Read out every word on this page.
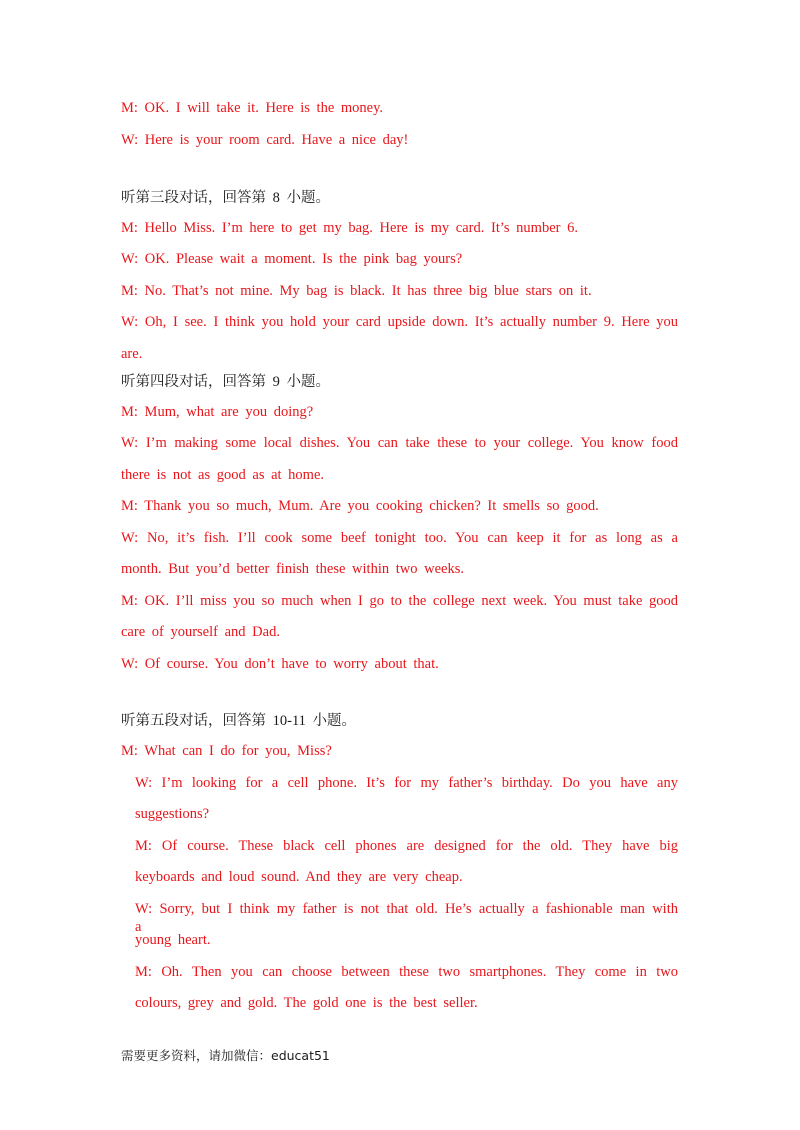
M: OK. I will take it. Here is the money.
W: Here is your room card. Have a nice day!
听第三段对话，回答第 8 小题。
M: Hello Miss. I’m here to get my bag. Here is my card. It’s number 6.
W: OK. Please wait a moment. Is the pink bag yours?
M: No. That’s not mine. My bag is black. It has three big blue stars on it.
W: Oh, I see. I think you hold your card upside down. It’s actually number 9. Here you
are.
听第四段对话，回答第 9 小题。
M: Mum, what are you doing?
W: I’m making some local dishes. You can take these to your college. You know food
there is not as good as at home.
M: Thank you so much, Mum. Are you cooking chicken? It smells so good.
W: No, it’s fish. I’ll cook some beef tonight too. You can keep it for as long as a
month. But you’d better finish these within two weeks.
M: OK. I’ll miss you so much when I go to the college next week. You must take good
care of yourself and Dad.
W: Of course. You don’t have to worry about that.
听第五段对话，回答第 10-11 小题。
M: What can I do for you, Miss?
W: I’m looking for a cell phone. It’s for my father’s birthday. Do you have any
suggestions?
M: Of course. These black cell phones are designed for the old. They have big
keyboards and loud sound. And they are very cheap.
W: Sorry, but I think my father is not that old. He’s actually a fashionable man with a
young heart.
M: Oh. Then you can choose between these two smartphones. They come in two
colours, grey and gold. The gold one is the best seller.
需要更多资料，请加微信：educat51
